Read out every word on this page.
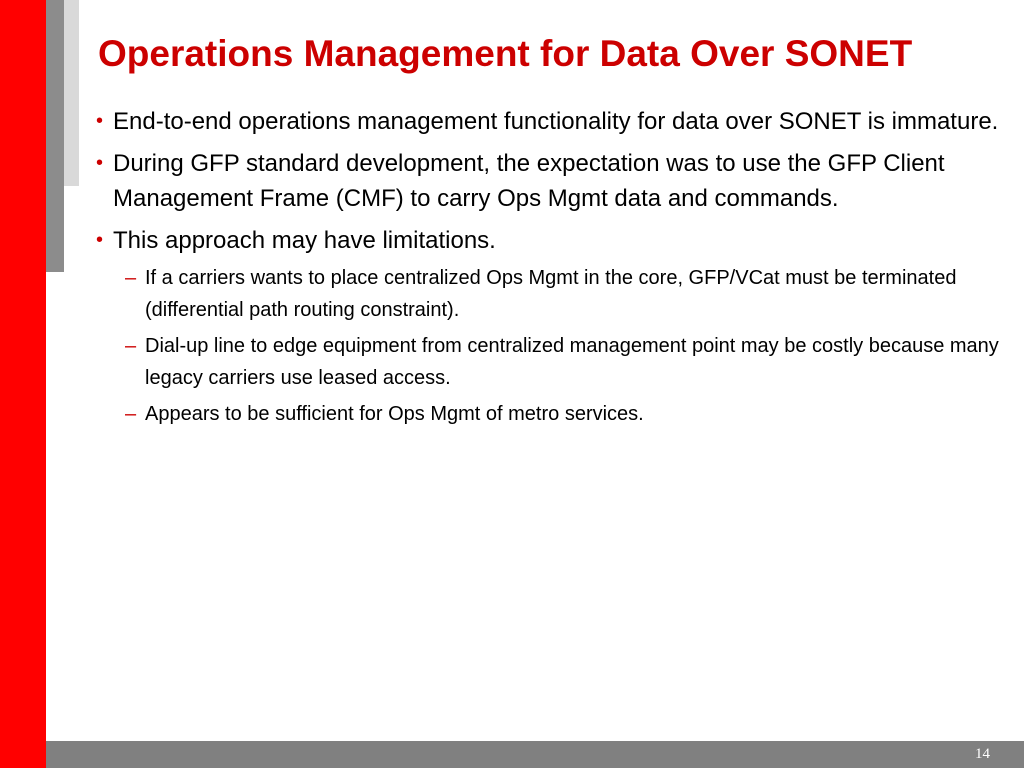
Operations Management for Data Over SONET
• End-to-end operations management functionality for data over SONET is immature.
• During GFP standard development, the expectation was to use the GFP Client Management Frame (CMF) to carry Ops Mgmt data and commands.
• This approach may have limitations.
– If a carriers wants to place centralized Ops Mgmt in the core, GFP/VCat must be terminated (differential path routing constraint).
– Dial-up line to edge equipment from centralized management point may be costly because many legacy carriers use leased access.
– Appears to be sufficient for Ops Mgmt of metro services.
14
